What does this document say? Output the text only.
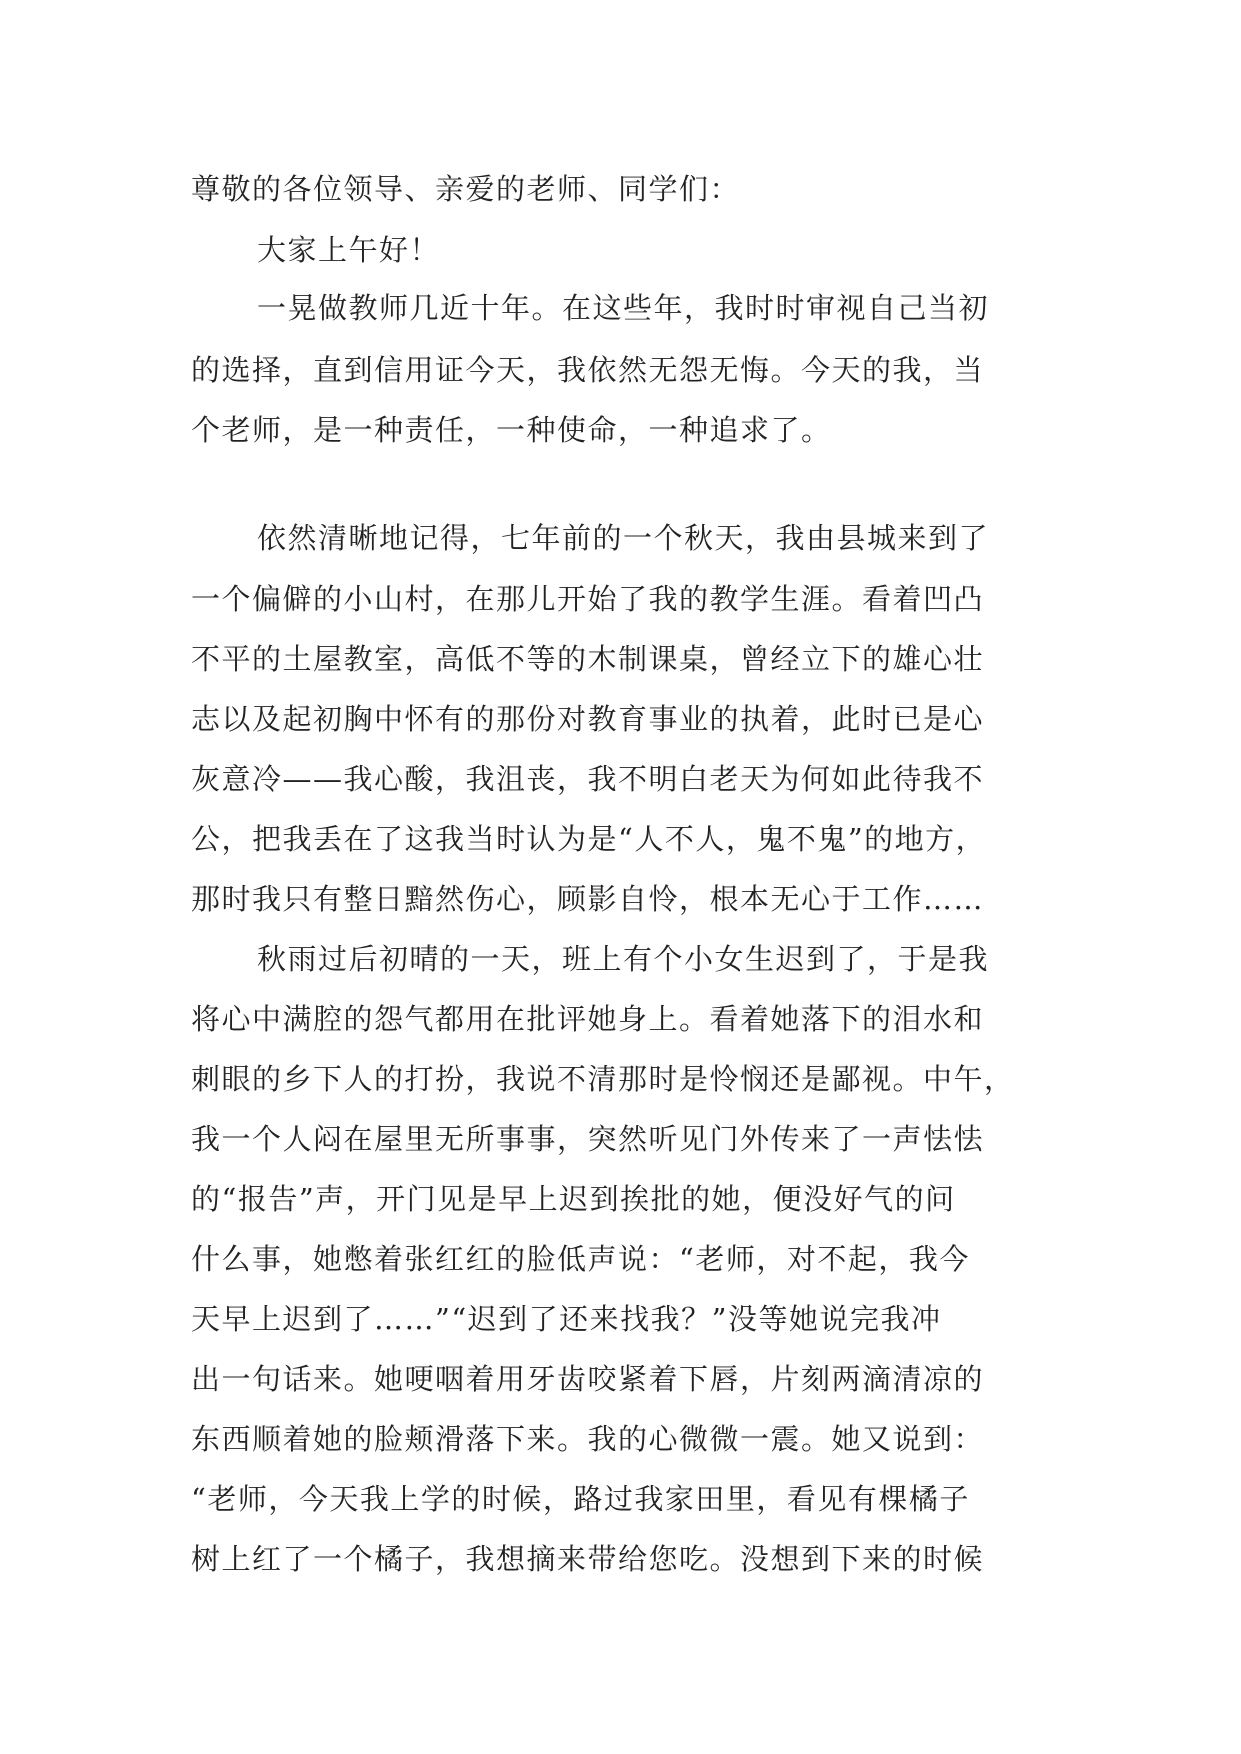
尊敬的各位领导、亲爱的老师、同学们：
大家上午好！
一晃做教师几近十年。在这些年，我时时审视自己当初
的选择，直到信用证今天，我依然无怨无悔。今天的我，当
个老师，是一种责任，一种使命，一种追求了。
依然清晰地记得，七年前的一个秋天，我由县城来到了
一个偏僻的小山村，在那儿开始了我的教学生涯。看着凹凸
不平的土屋教室，高低不等的木制课桌，曾经立下的雄心壮
志以及起初胸中怀有的那份对教育事业的执着，此时已是心
灰意冷——我心酸，我沮丧，我不明白老天为何如此待我不
公，把我丢在了这我当时认为是“人不人，鬼不鬼”的地方，
那时我只有整日黯然伤心，顾影自怜，根本无心于工作……
秋雨过后初晴的一天，班上有个小女生迟到了，于是我
将心中满腔的怨气都用在批评她身上。看着她落下的泪水和
刺眼的乡下人的打扮，我说不清那时是怜悯还是鄙视。中午，
我一个人闷在屋里无所事事，突然听见门外传来了一声怯怯
的“报告”声，开门见是早上迟到挨批的她，便没好气的问
什么事，她憋着张红红的脸低声说：“老师，对不起，我今
天早上迟到了……”“迟到了还来找我？”没等她说完我冲
出一句话来。她哽咽着用牙齿咬紧着下唇，片刻两滴清凉的
东西顺着她的脸颊滑落下来。我的心微微一震。她又说到：
“老师，今天我上学的时候，路过我家田里，看见有棵橘子
树上红了一个橘子，我想摘来带给您吃。没想到下来的时候
